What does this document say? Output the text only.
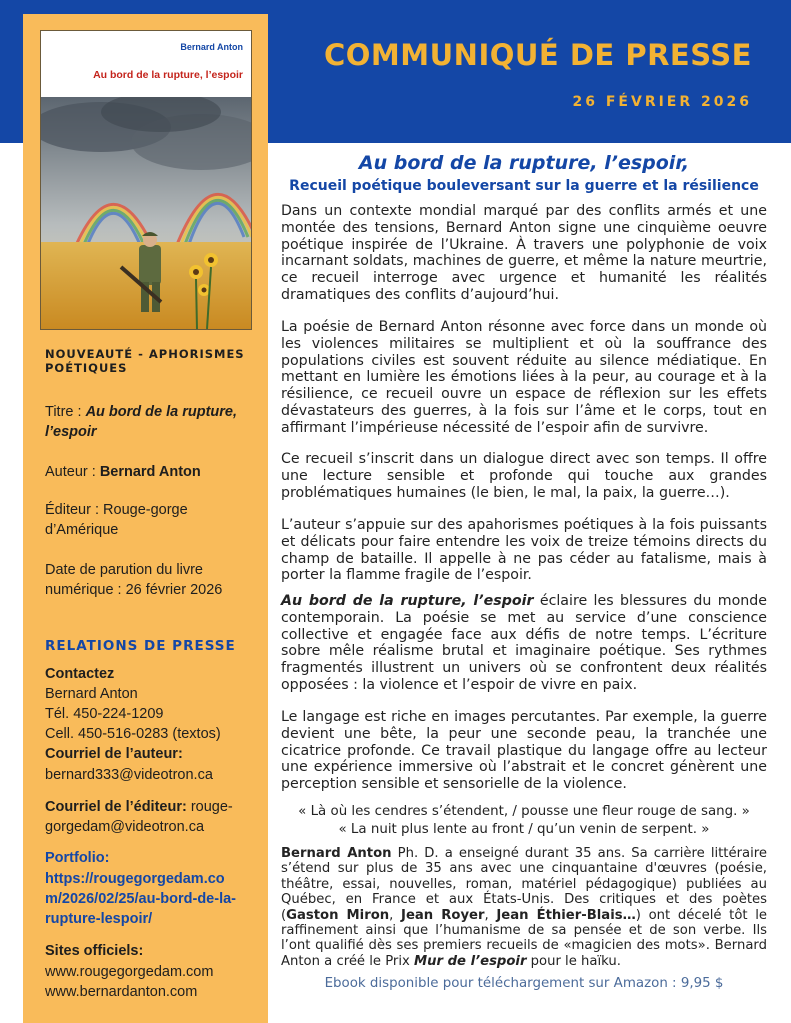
COMMUNIQUÉ DE PRESSE
26 FÉVRIER 2026
Bernard Anton
Au bord de la rupture, l’espoir
NOUVEAUTÉ - APHORISMES POÉTIQUES
Titre : Au bord de la rupture, l’espoir
Auteur : Bernard Anton
Éditeur : Rouge-gorge d’Amérique
Date de parution du livre numérique : 26 février 2026
RELATIONS DE PRESSE
Contactez
Bernard Anton
Tél. 450-224-1209
Cell. 450-516-0283 (textos)
Courriel de l’auteur:
bernard333@videotron.ca
Courriel de l’éditeur: rouge-gorgedam@videotron.ca
Portfolio:
https://rougegorgedam.com/2026/02/25/au-bord-de-la-rupture-lespoir/
Sites officiels:
www.rougegorgedam.com
www.bernardanton.com
Au bord de la rupture, l’espoir,
Recueil poétique bouleversant sur la guerre et la résilience
Dans un contexte mondial marqué par des conflits armés et une montée des tensions, Bernard Anton signe une cinquième oeuvre poétique inspirée de l’Ukraine. À travers une polyphonie de voix incarnant soldats, machines de guerre, et même la nature meurtrie, ce recueil interroge avec urgence et humanité les réalités dramatiques des conflits d’aujourd’hui.
La poésie de Bernard Anton résonne avec force dans un monde où les violences militaires se multiplient et où la souffrance des populations civiles est souvent réduite au silence médiatique. En mettant en lumière les émotions liées à la peur, au courage et à la résilience, ce recueil ouvre un espace de réflexion sur les effets dévastateurs des guerres, à la fois sur l’âme et le corps, tout en affirmant l’impérieuse nécessité de l’espoir afin de survivre.
Ce recueil s’inscrit dans un dialogue direct avec son temps. Il offre une lecture sensible et profonde qui touche aux grandes problématiques humaines (le bien, le mal, la paix, la guerre…).
L’auteur s’appuie sur des apahorismes poétiques à la fois puissants et délicats pour faire entendre les voix de treize témoins directs du champ de bataille. Il appelle à ne pas céder au fatalisme, mais à porter la flamme fragile de l’espoir.
Au bord de la rupture, l’espoir éclaire les blessures du monde contemporain. La poésie se met au service d’une conscience collective et engagée face aux défis de notre temps. L’écriture sobre mêle réalisme brutal et imaginaire poétique. Ses rythmes fragmentés illustrent un univers où se confrontent deux réalités opposées : la violence et l’espoir de vivre en paix.
Le langage est riche en images percutantes. Par exemple, la guerre devient une bête, la peur une seconde peau, la tranchée une cicatrice profonde. Ce travail plastique du langage offre au lecteur une expérience immersive où l’abstrait et le concret génèrent une perception sensible et sensorielle de la violence.
« Là où les cendres s’étendent, / pousse une fleur rouge de sang. »
« La nuit plus lente au front / qu’un venin de serpent. »
Bernard Anton Ph. D. a enseigné durant 35 ans. Sa carrière littéraire s’étend sur plus de 35 ans avec une cinquantaine d'œuvres (poésie, théâtre, essai, nouvelles, roman, matériel pédagogique) publiées au Québec, en France et aux États-Unis. Des critiques et des poètes (Gaston Miron, Jean Royer, Jean Éthier-Blais…) ont décelé tôt le raffinement ainsi que l’humanisme de sa pensée et de son verbe. Ils l’ont qualifié dès ses premiers recueils de «magicien des mots». Bernard Anton a créé le Prix Mur de l’espoir pour le haïku.
Ebook disponible pour téléchargement sur Amazon : 9,95 $
